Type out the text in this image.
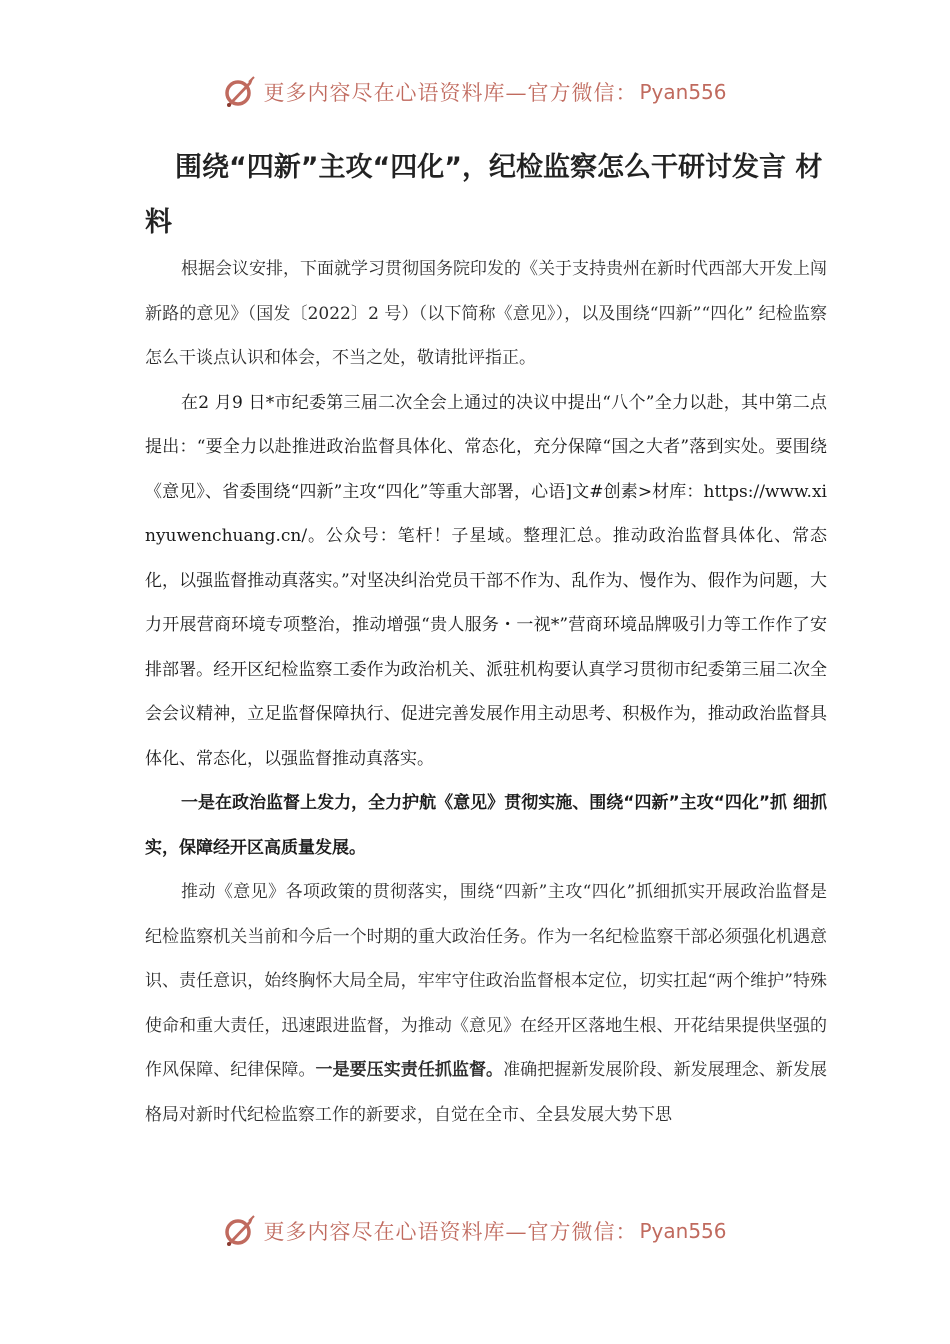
更多内容尽在心语资料库—官方微信： Pyan556
围绕“四新”主攻“四化”，纪检监察怎么干研讨发言 材料

根据会议安排，下面就学习贯彻国务院印发的《关于支持贵州在新时代西部大开发上闯新路的意见》（国发〔2022〕2 号）（以下简称《意见》），以及围绕“四新”“四化” 纪检监察怎么干谈点认识和体会，不当之处，敬请批评指正。

在2 月9 日*市纪委第三届二次全会上通过的决议中提出“八个”全力以赴，其中第二点提出：“要全力以赴推进政治监督具体化、常态化，充分保障“国之大者”落到实处。要围绕《意见》、省委围绕“四新”主攻“四化”等重大部署，心语]文#创素>材库：https://www.xinyuwenchuang.cn/。公众号：笔杆！子星域。整理汇总。推动政治监督具体化、常态化，以强监督推动真落实。”对坚决纠治党员干部不作为、乱作为、慢作为、假作为问题，大力开展营商环境专项整治，推动增强“贵人服务・一视*”营商环境品牌吸引力等工作作了安排部署。经开区纪检监察工委作为政治机关、派驻机构要认真学习贯彻市纪委第三届二次全会会议精神，立足监督保障执行、促进完善发展作用主动思考、积极作为，推动政治监督具体化、常态化，以强监督推动真落实。

一是在政治监督上发力，全力护航《意见》贯彻实施、围绕“四新”主攻“四化”抓 细抓实，保障经开区高质量发展。

推动《意见》各项政策的贯彻落实，围绕“四新”主攻“四化”抓细抓实开展政治监督是纪检监察机关当前和今后一个时期的重大政治任务。作为一名纪检监察干部必须强化机遇意识、责任意识，始终胸怀大局全局，牢牢守住政治监督根本定位，切实扛起“两个维护”特殊使命和重大责任，迅速跟进监督，为推动《意见》在经开区落地生根、开花结果提供坚强的作风保障、纪律保障。一是要压实责任抓监督。准确把握新发展阶段、新发展理念、新发展格局对新时代纪检监察工作的新要求，自觉在全市、全县发展大势下思

更多内容尽在心语资料库—官方微信： Pyan556
